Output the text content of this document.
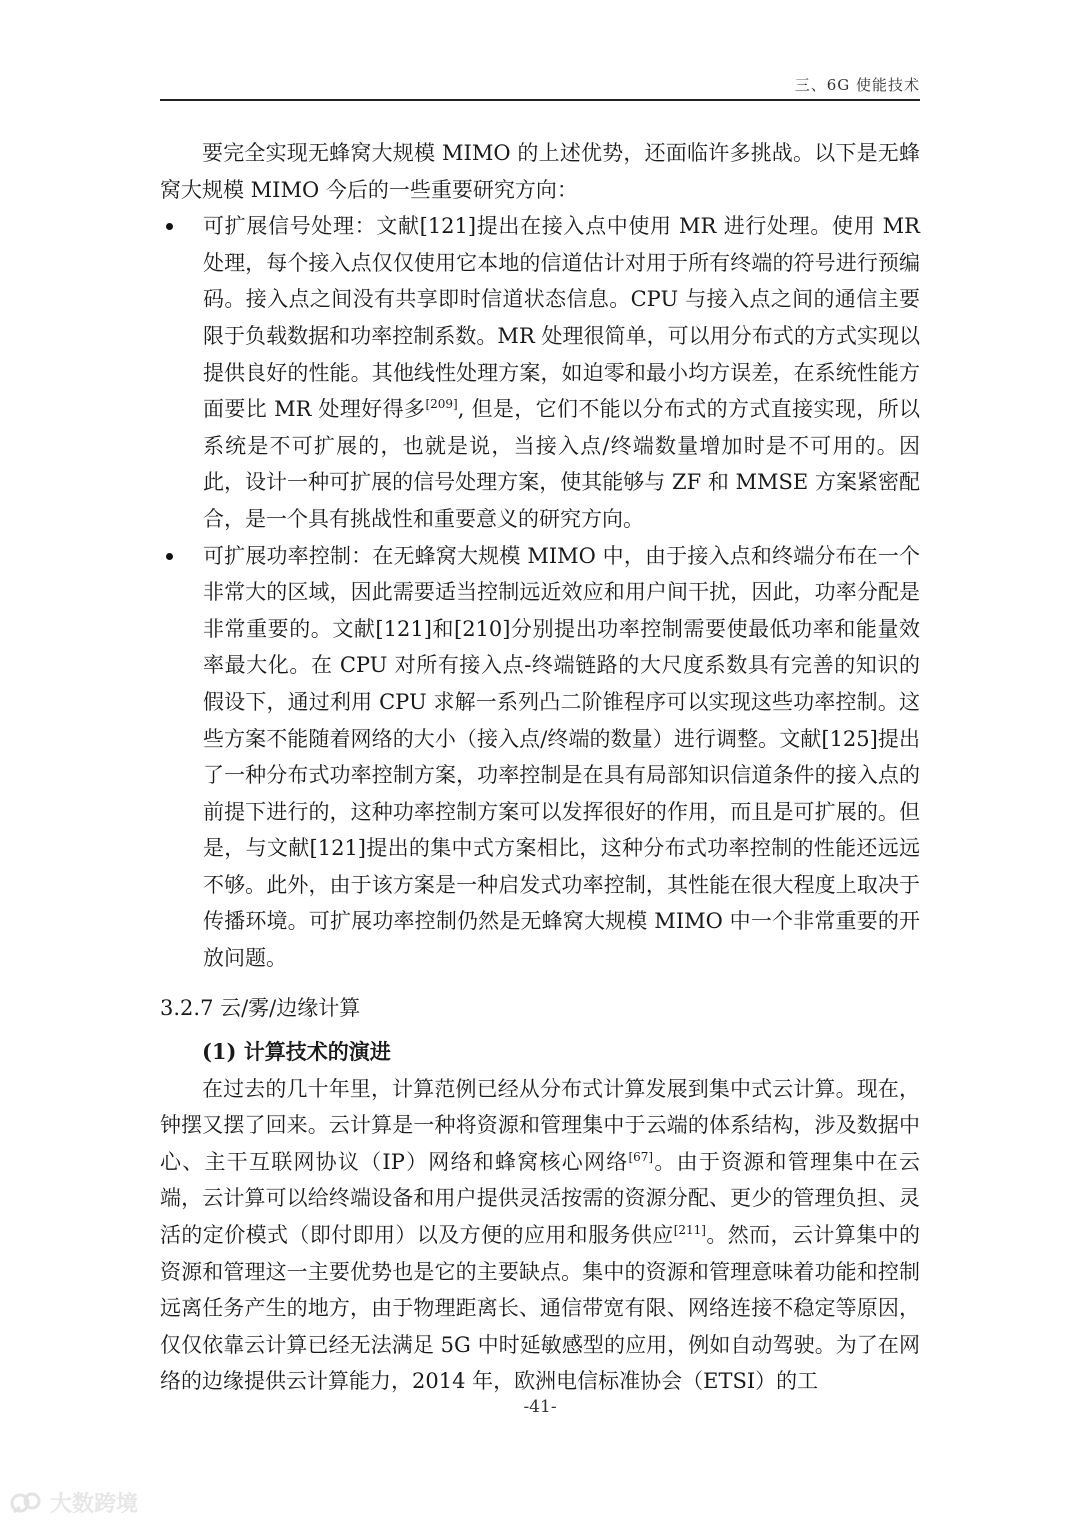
三、6G 使能技术

要完全实现无蜂窝大规模 MIMO 的上述优势，还面临许多挑战。以下是无蜂窝大规模 MIMO 今后的一些重要研究方向：

可扩展信号处理：文献[121]提出在接入点中使用 MR 进行处理。使用 MR 处理，每个接入点仅仅使用它本地的信道估计对用于所有终端的符号进行预编码。接入点之间没有共享即时信道状态信息。CPU 与接入点之间的通信主要限于负载数据和功率控制系数。MR 处理很简单，可以用分布式的方式实现以提供良好的性能。其他线性处理方案，如迫零和最小均方误差，在系统性能方面要比 MR 处理好得多[209], 但是，它们不能以分布式的方式直接实现，所以系统是不可扩展的，也就是说，当接入点/终端数量增加时是不可用的。因此，设计一种可扩展的信号处理方案，使其能够与 ZF 和 MMSE 方案紧密配合，是一个具有挑战性和重要意义的研究方向。

可扩展功率控制：在无蜂窝大规模 MIMO 中，由于接入点和终端分布在一个非常大的区域，因此需要适当控制远近效应和用户间干扰，因此，功率分配是非常重要的。文献[121]和[210]分别提出功率控制需要使最低功率和能量效率最大化。在 CPU 对所有接入点-终端链路的大尺度系数具有完善的知识的假设下，通过利用 CPU 求解一系列凸二阶锥程序可以实现这些功率控制。这些方案不能随着网络的大小（接入点/终端的数量）进行调整。文献[125]提出了一种分布式功率控制方案，功率控制是在具有局部知识信道条件的接入点的前提下进行的，这种功率控制方案可以发挥很好的作用，而且是可扩展的。但是，与文献[121]提出的集中式方案相比，这种分布式功率控制的性能还远远不够。此外，由于该方案是一种启发式功率控制，其性能在很大程度上取决于传播环境。可扩展功率控制仍然是无蜂窝大规模 MIMO 中一个非常重要的开放问题。

3.2.7 云/雾/边缘计算
(1) 计算技术的演进

在过去的几十年里，计算范例已经从分布式计算发展到集中式云计算。现在，钟摆又摆了回来。云计算是一种将资源和管理集中于云端的体系结构，涉及数据中心、主干互联网协议（IP）网络和蜂窝核心网络[67]。由于资源和管理集中在云端，云计算可以给终端设备和用户提供灵活按需的资源分配、更少的管理负担、灵活的定价模式（即付即用）以及方便的应用和服务供应[211]。然而，云计算集中的资源和管理这一主要优势也是它的主要缺点。集中的资源和管理意味着功能和控制远离任务产生的地方，由于物理距离长、通信带宽有限、网络连接不稳定等原因，仅仅依靠云计算已经无法满足 5G 中时延敏感型的应用，例如自动驾驶。为了在网络的边缘提供云计算能力，2014 年，欧洲电信标准协会（ETSI）的工

-41-
大数跨境
